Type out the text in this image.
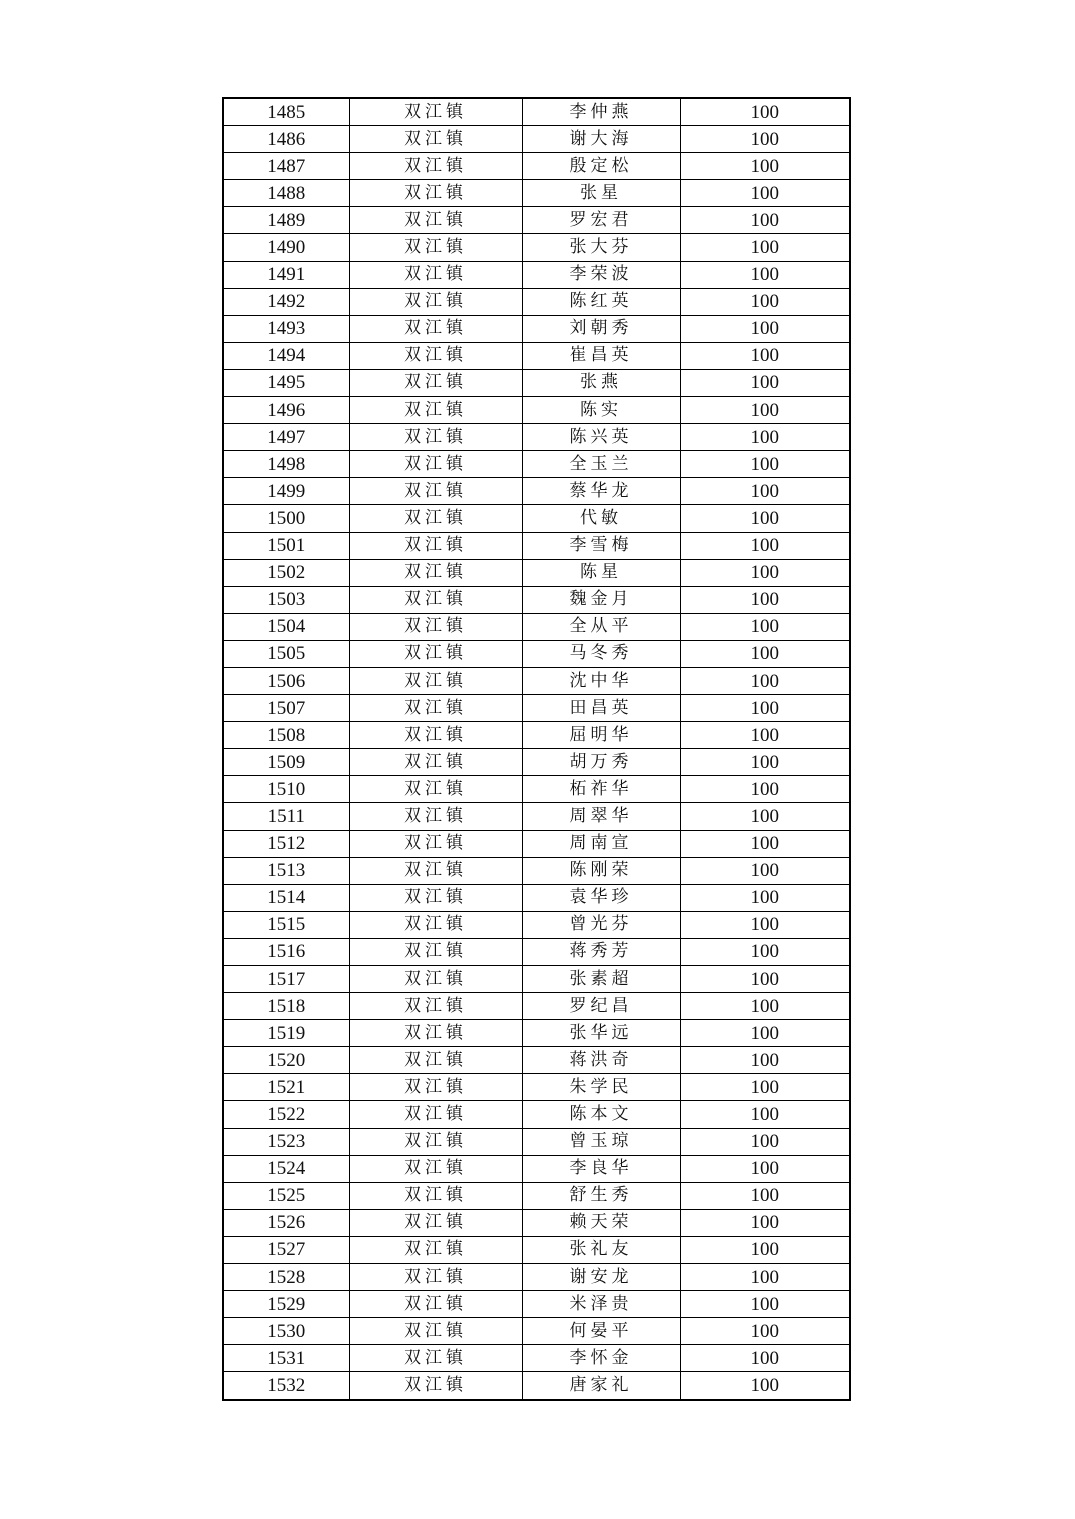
1485	双江镇	李仲燕	100
1486	双江镇	谢大海	100
1487	双江镇	殷定松	100
1488	双江镇	张星	100
1489	双江镇	罗宏君	100
1490	双江镇	张大芬	100
1491	双江镇	李荣波	100
1492	双江镇	陈红英	100
1493	双江镇	刘朝秀	100
1494	双江镇	崔昌英	100
1495	双江镇	张燕	100
1496	双江镇	陈实	100
1497	双江镇	陈兴英	100
1498	双江镇	全玉兰	100
1499	双江镇	蔡华龙	100
1500	双江镇	代敏	100
1501	双江镇	李雪梅	100
1502	双江镇	陈星	100
1503	双江镇	魏金月	100
1504	双江镇	全从平	100
1505	双江镇	马冬秀	100
1506	双江镇	沈中华	100
1507	双江镇	田昌英	100
1508	双江镇	屈明华	100
1509	双江镇	胡万秀	100
1510	双江镇	柘祚华	100
1511	双江镇	周翠华	100
1512	双江镇	周南宣	100
1513	双江镇	陈刚荣	100
1514	双江镇	袁华珍	100
1515	双江镇	曾光芬	100
1516	双江镇	蒋秀芳	100
1517	双江镇	张素超	100
1518	双江镇	罗纪昌	100
1519	双江镇	张华远	100
1520	双江镇	蒋洪奇	100
1521	双江镇	朱学民	100
1522	双江镇	陈本文	100
1523	双江镇	曾玉琼	100
1524	双江镇	李良华	100
1525	双江镇	舒生秀	100
1526	双江镇	赖天荣	100
1527	双江镇	张礼友	100
1528	双江镇	谢安龙	100
1529	双江镇	米泽贵	100
1530	双江镇	何晏平	100
1531	双江镇	李怀金	100
1532	双江镇	唐家礼	100
